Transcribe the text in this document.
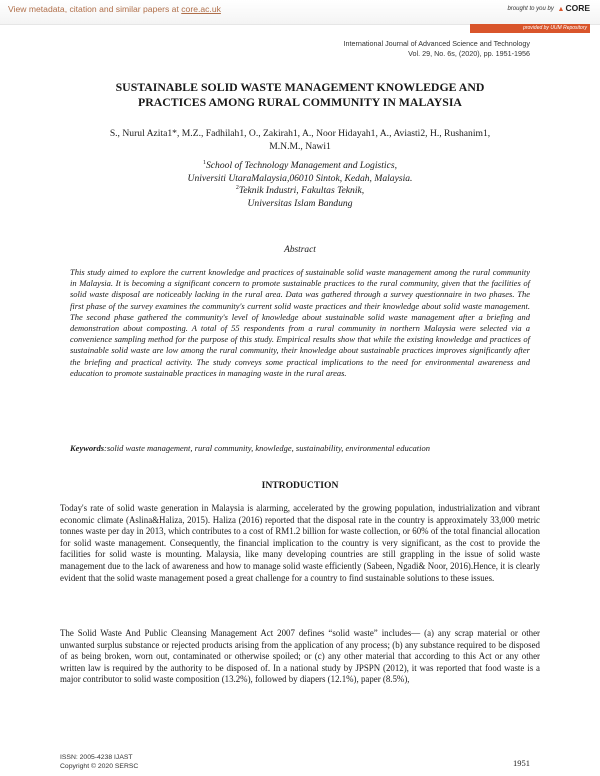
View metadata, citation and similar papers at core.ac.uk	brought to you by ▲CORE
provided by UUM Repository
International Journal of Advanced Science and Technology
Vol. 29, No. 6s, (2020), pp. 1951-1956
SUSTAINABLE SOLID WASTE MANAGEMENT KNOWLEDGE AND
PRACTICES AMONG RURAL COMMUNITY IN MALAYSIA
S., Nurul Azita1*, M.Z., Fadhilah1, O., Zakirah1, A., Noor Hidayah1, A., Aviasti2, H., Rushanim1,
M.N.M., Nawi1
$^1$School of Technology Management and Logistics,
Universiti UtaraMalaysia,06010 Sintok, Kedah, Malaysia.
$^2$Teknik Industri, Fakultas Teknik,
Universitas Islam Bandung
Abstract

This study aimed to explore the current knowledge and practices of sustainable solid waste management among the rural community in Malaysia. It is becoming a significant concern to promote sustainable practices to the rural community, given that the facilities of solid waste disposal are noticeably lacking in the rural area. Data was gathered through a survey questionnaire in two phases. The first phase of the survey examines the community's current solid waste practices and their knowledge about solid waste management. The second phase gathered the community's level of knowledge about sustainable solid waste management after a briefing and demonstration about composting. A total of 55 respondents from a rural community in northern Malaysia were selected via a convenience sampling method for the purpose of this study. Empirical results show that while the existing knowledge and practices of sustainable solid waste are low among the rural community, their knowledge about sustainable practices improves significantly after the briefing and practical activity. The study conveys some practical implications to the need for environmental awareness and education to promote sustainable practices in managing waste in the rural areas.

Keywords:solid waste management, rural community, knowledge, sustainability, environmental education

INTRODUCTION

Today's rate of solid waste generation in Malaysia is alarming, accelerated by the growing population, industrialization and vibrant economic climate (Aslina&Haliza, 2015). Haliza (2016) reported that the disposal rate in the country is approximately 33,000 metric tonnes waste per day in 2013, which contributes to a cost of RM1.2 billion for waste collection, or 60% of the total financial allocation for solid waste management. Consequently, the financial implication to the country is very significant, as the cost to provide the facilities for solid waste is mounting. Malaysia, like many developing countries are still grappling in the issue of solid waste management due to the lack of awareness and how to manage solid waste efficiently (Sabeen, Ngadi& Noor, 2016).Hence, it is clearly evident that the solid waste management posed a great challenge for a country to find sustainable solutions to these issues.

The Solid Waste And Public Cleansing Management Act 2007 defines “solid waste” includes— (a) any scrap material or other unwanted surplus substance or rejected products arising from the application of any process; (b) any substance required to be disposed of as being broken, worn out, contaminated or otherwise spoiled; or (c) any other material that according to this Act or any other written law is required by the authority to be disposed of. In a national study by JPSPN (2012), it was reported that food waste is a major contributor to solid waste composition (13.2%), followed by diapers (12.1%), paper (8.5%),

ISSN: 2005-4238 IJAST
Copyright © 2020 SERSC	1951
